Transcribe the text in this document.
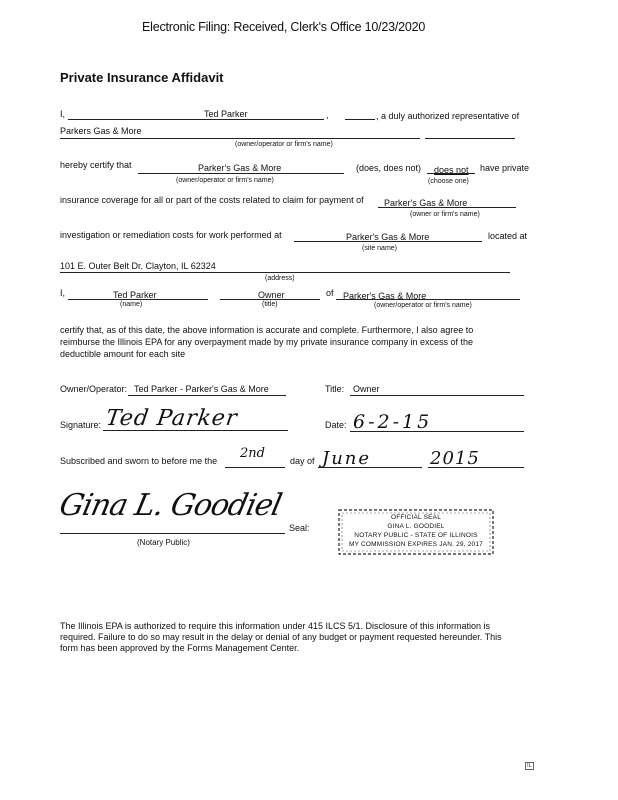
Electronic Filing: Received, Clerk's Office 10/23/2020
Private Insurance Affidavit
I,	Ted Parker	,	, a duly authorized representative of
Parkers Gas & More
(owner/operator or firm's name)
hereby certify that	Parker's Gas & More	(does, does not) does not have private
(owner/operator or firm's name)	(choose one)
insurance coverage for all or part of the costs related to claim for payment of Parker's Gas & More
(owner or firm's name)
investigation or remediation costs for work performed at	Parker's Gas & More	located at
(site name)
101 E. Outer Belt Dr. Clayton, IL 62324
(address)
I,	Ted Parker	Owner	of Parker's Gas & More
(name)	(title)	(owner/operator or firm's name)
certify that, as of this date, the above information is accurate and complete. Furthermore, I also agree to
reimburse the Illinois EPA for any overpayment made by my private insurance company in excess of the
deductible amount for each site
Owner/Operator: Ted Parker - Parker's Gas & More	Title: Owner
Signature: Ted Parker	Date: 6-2-15
Subscribed and sworn to before me the 2nd	day of June	2015
Gina L. Goodiel
(Notary Public)
Seal:
OFFICIAL SEAL
GINA L. GOODIEL
NOTARY PUBLIC - STATE OF ILLINOIS
MY COMMISSION EXPIRES JAN. 29, 2017
The Illinois EPA is authorized to require this information under 415 ILCS 5/1. Disclosure of this information is
required. Failure to do so may result in the delay or denial of any budget or payment requested hereunder. This
form has been approved by the Forms Management Center.
IL
